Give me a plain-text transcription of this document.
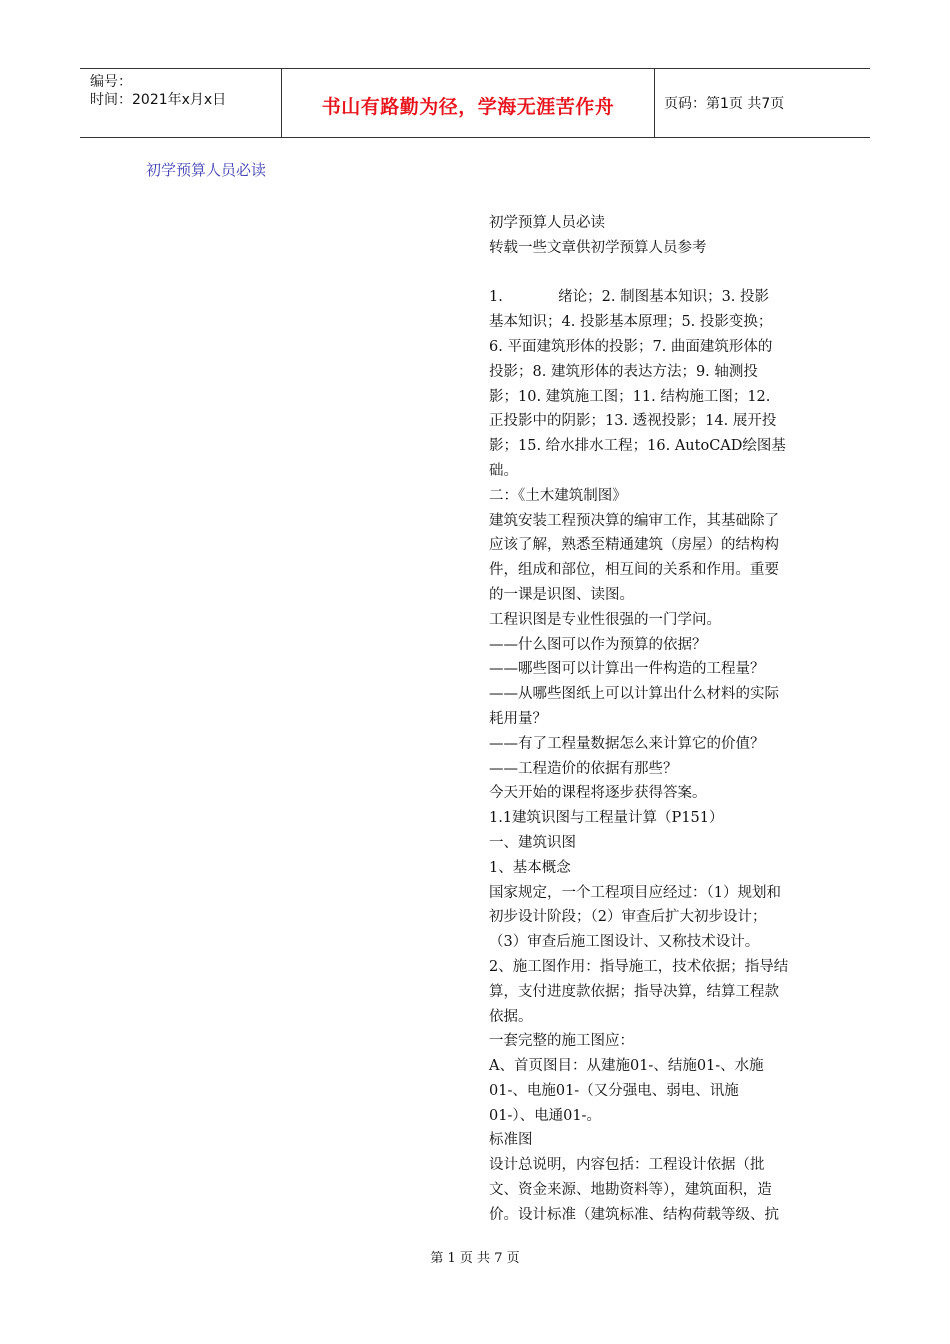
编号：
时间：2021年x月x日	书山有路勤为径，学海无涯苦作舟	页码：第1页 共7页
初学预算人员必读

初学预算人员必读

转载一些文章供初学预算人员参考

1.            绪论；2. 制图基本知识；3. 投影

基本知识；4. 投影基本原理；5. 投影变换；

6. 平面建筑形体的投影；7. 曲面建筑形体的

投影；8. 建筑形体的表达方法；9. 轴测投

影；10. 建筑施工图；11. 结构施工图；12.

正投影中的阴影；13. 透视投影；14. 展开投

影；15. 给水排水工程；16. AutoCAD绘图基

础。

二：《土木建筑制图》

建筑安装工程预决算的编审工作，其基础除了

应该了解，熟悉至精通建筑（房屋）的结构构

件，组成和部位，相互间的关系和作用。重要

的一课是识图、读图。

工程识图是专业性很强的一门学问。

——什么图可以作为预算的依据？

——哪些图可以计算出一件构造的工程量？

——从哪些图纸上可以计算出什么材料的实际

耗用量？

——有了工程量数据怎么来计算它的价值？

——工程造价的依据有那些？

今天开始的课程将逐步获得答案。

1.1建筑识图与工程量计算（P151）

一、建筑识图

1、基本概念

国家规定，一个工程项目应经过：（1）规划和

初步设计阶段；（2）审查后扩大初步设计；

（3）审查后施工图设计、又称技术设计。

2、施工图作用：指导施工，技术依据；指导结

算，支付进度款依据；指导决算，结算工程款

依据。

一套完整的施工图应：

A、首页图目：从建施01-、结施01-、水施

01-、电施01-（又分强电、弱电、讯施

01-）、电通01-。

标准图

设计总说明，内容包括：工程设计依据（批

文、资金来源、地勘资料等），建筑面积，造

价。设计标准（建筑标准、结构荷载等级、抗

第 1 页 共 7 页
